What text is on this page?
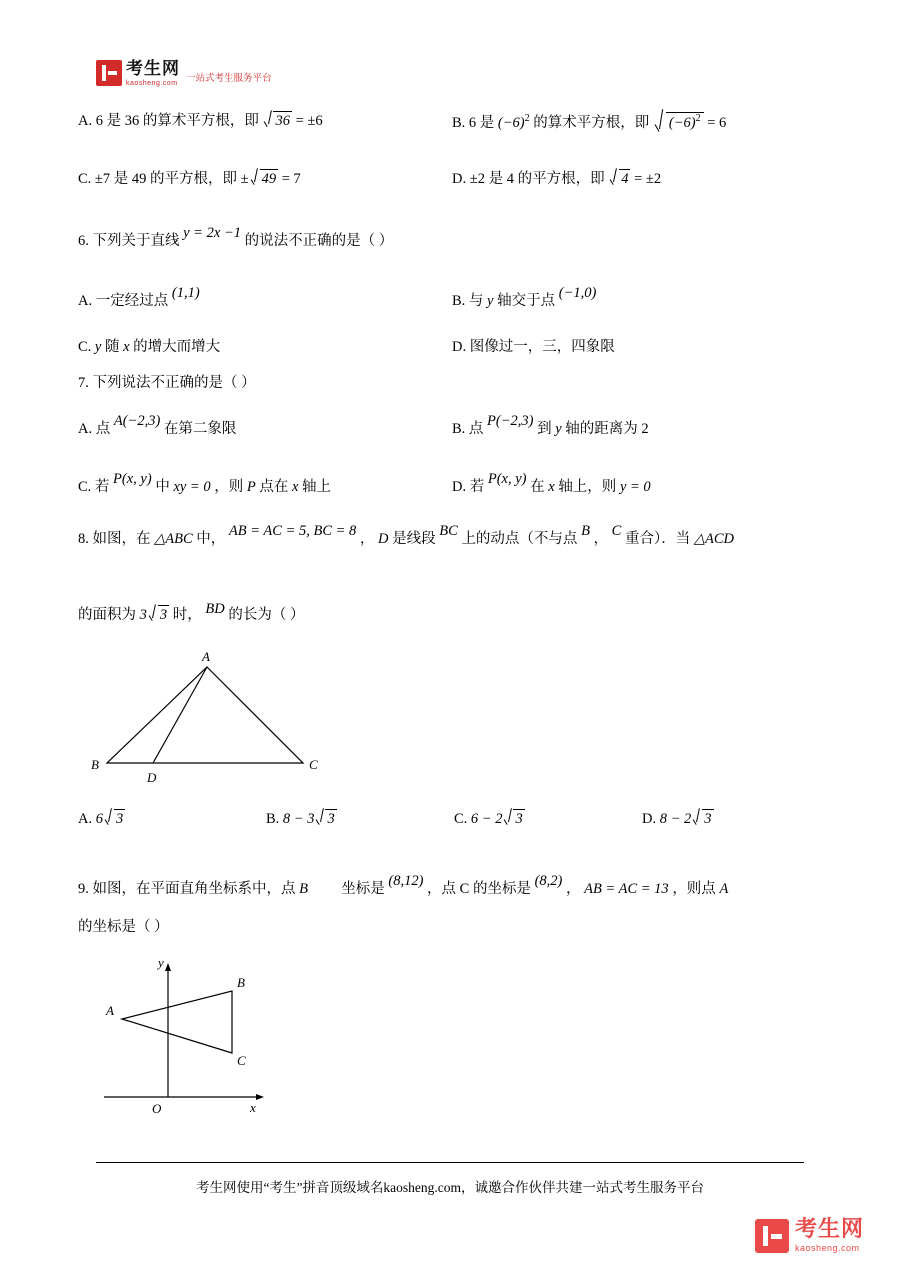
考生网
kaosheng.com 一站式考生服务平台
A. 6 是 36 的算术平方根，即 36 = ±6	B. 6 是 $(-6)^2$ 的算术平方根，即 $(-6)^2 = 6$
C. ±7 是 49 的平方根，即 ± 49 = 7	D. ±2 是 4 的平方根，即 4 = ±2
6. 下列关于直线 y = 2x −1 的说法不正确的是（ ）
A. 一定经过点 (1,1)	B. 与 y 轴交于点 (−1,0)
C. y 随 x 的增大而增大	D. 图像过一，三，四象限
7. 下列说法不正确的是（ ）
A. 点 A(−2,3) 在第二象限	B. 点 P(−2,3) 到 y 轴的距离为 2
C. 若 P(x, y) 中 xy = 0 ，则 P 点在 x 轴上	D. 若 P(x, y) 在 x 轴上，则 y = 0
8. 如图，在 △ABC 中， AB = AC = 5, BC = 8 ， D 是线段 BC 上的动点（不与点 B ， C 重合）．当 △ACD
的面积为 3 3 时， BD 的长为（ ）
A
B
D
C
A. 6 3	B. 8 − 3 3	C. 6 − 2 3	D. 8 − 2 3
9. 如图，在平面直角坐标系中，点 B 坐标是 (8,12) ，点 C 的坐标是 (8,2) ， AB = AC = 13 ，则点 A
的坐标是（ ）
y
x
O
A
B
C
考生网使用“考生”拼音顶级域名kaosheng.com，诚邀合作伙伴共建一站式考生服务平台
考生网
kaosheng.com
